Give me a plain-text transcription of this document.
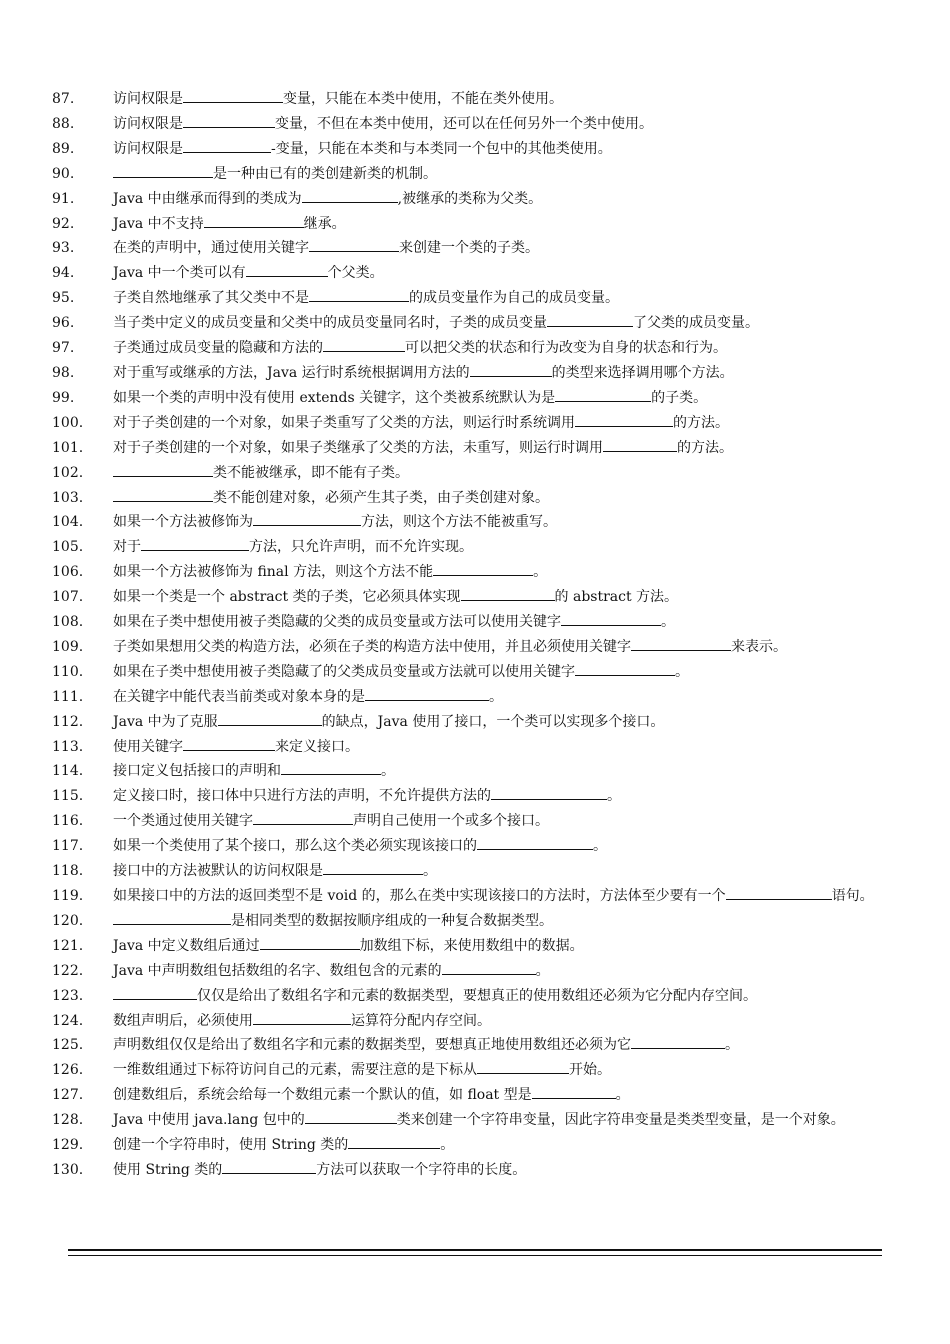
87.	访问权限是	变量，只能在本类中使用，不能在类外使用。
88.	访问权限是	变量，不但在本类中使用，还可以在任何另外一个类中使用。
89.	访问权限是	-变量，只能在本类和与本类同一个包中的其他类使用。
90.	是一种由已有的类创建新类的机制。
91.	Java 中由继承而得到的类成为	,被继承的类称为父类。
92.	Java 中不支持	继承。
93.	在类的声明中，通过使用关键字	来创建一个类的子类。
94.	Java 中一个类可以有	个父类。
95.	子类自然地继承了其父类中不是	的成员变量作为自己的成员变量。
96.	当子类中定义的成员变量和父类中的成员变量同名时，子类的成员变量	了父类的成员变量。
97.	子类通过成员变量的隐藏和方法的	可以把父类的状态和行为改变为自身的状态和行为。
98.	对于重写或继承的方法，Java 运行时系统根据调用方法的	的类型来选择调用哪个方法。
99.	如果一个类的声明中没有使用 extends 关键字，这个类被系统默认为是	的子类。
100.	对于子类创建的一个对象，如果子类重写了父类的方法，则运行时系统调用	的方法。
101.	对于子类创建的一个对象，如果子类继承了父类的方法，未重写，则运行时调用	的方法。
102.	类不能被继承，即不能有子类。
103.	类不能创建对象，必须产生其子类，由子类创建对象。
104.	如果一个方法被修饰为	方法，则这个方法不能被重写。
105.	对于	方法，只允许声明，而不允许实现。
106.	如果一个方法被修饰为 final 方法，则这个方法不能	。
107.	如果一个类是一个 abstract 类的子类，它必须具体实现	的 abstract 方法。
108.	如果在子类中想使用被子类隐藏的父类的成员变量或方法可以使用关键字	。
109.	子类如果想用父类的构造方法，必须在子类的构造方法中使用，并且必须使用关键字	来表示。
110.	如果在子类中想使用被子类隐藏了的父类成员变量或方法就可以使用关键字	。
111.	在关键字中能代表当前类或对象本身的是	。
112.	Java 中为了克服	的缺点，Java 使用了接口，一个类可以实现多个接口。
113.	使用关键字	来定义接口。
114.	接口定义包括接口的声明和	。
115.	定义接口时，接口体中只进行方法的声明，不允许提供方法的	。
116.	一个类通过使用关键字	声明自己使用一个或多个接口。
117.	如果一个类使用了某个接口，那么这个类必须实现该接口的	。
118.	接口中的方法被默认的访问权限是	。
119.	如果接口中的方法的返回类型不是 void 的，那么在类中实现该接口的方法时，方法体至少要有一个	语句。
120.	是相同类型的数据按顺序组成的一种复合数据类型。
121.	Java 中定义数组后通过	加数组下标，来使用数组中的数据。
122.	Java 中声明数组包括数组的名字、数组包含的元素的	。
123.	仅仅是给出了数组名字和元素的数据类型，要想真正的使用数组还必须为它分配内存空间。
124.	数组声明后，必须使用	运算符分配内存空间。
125.	声明数组仅仅是给出了数组名字和元素的数据类型，要想真正地使用数组还必须为它	。
126.	一维数组通过下标符访问自己的元素，需要注意的是下标从	开始。
127.	创建数组后，系统会给每一个数组元素一个默认的值，如 float 型是	。
128.	Java 中使用 java.lang 包中的	类来创建一个字符串变量，因此字符串变量是类类型变量，是一个对象。
129.	创建一个字符串时，使用 String 类的	。
130.	使用 String 类的	方法可以获取一个字符串的长度。
